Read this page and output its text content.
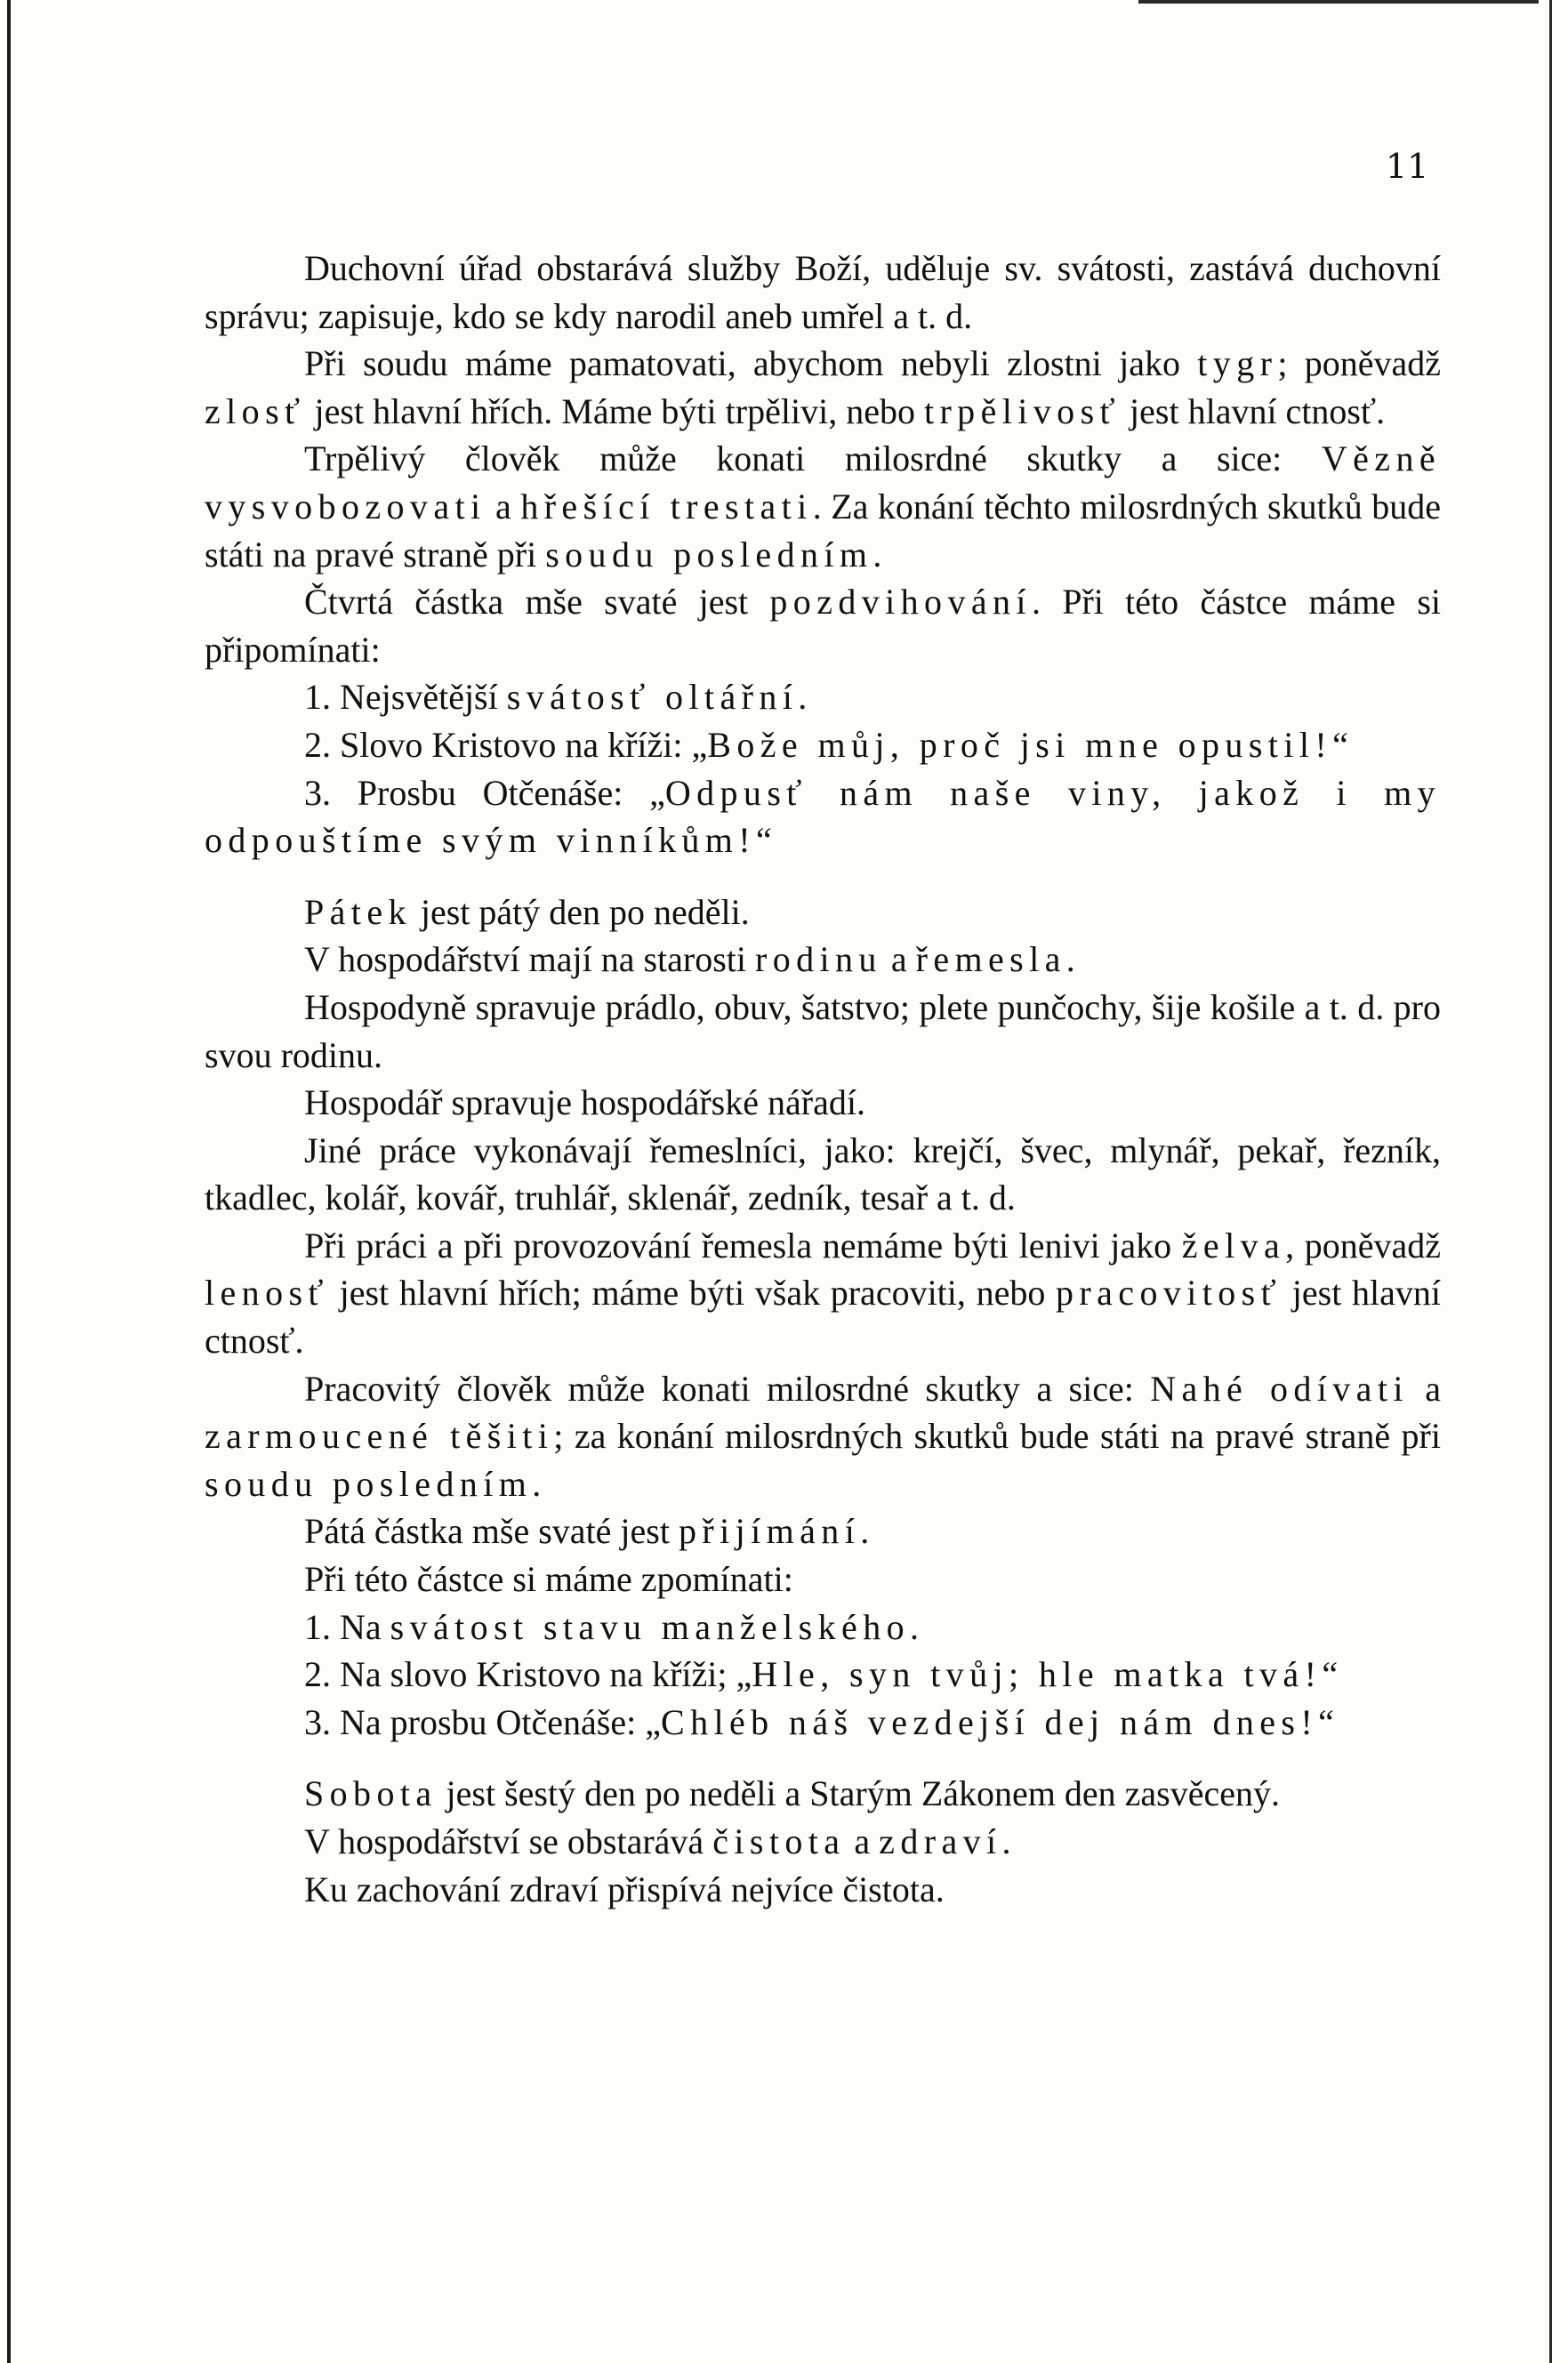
11

Duchovní úřad obstarává služby Boží, uděluje sv. svátosti, zastává duchovní správu; zapisuje, kdo se kdy narodil aneb umřel a t. d.

Při soudu máme pamatovati, abychom nebyli zlostni jako tygr; poněvadž zlosť jest hlavní hřích. Máme býti trpělivi, nebo trpělivosť jest hlavní ctnosť.

Trpělivý člověk může konati milosrdné skutky a sice: Vězně vysvobozovati a hřešící trestati. Za konání těchto milosrdných skutků bude státi na pravé straně při soudu posledním.

Čtvrtá částka mše svaté jest pozdvihování. Při této částce máme si připomínati:

1. Nejsvětější svátosť oltářní.

2. Slovo Kristovo na kříži: „Bože můj, proč jsi mne opustil!“

3. Prosbu Otčenáše: „Odpusť nám naše viny, jakož i my odpouštíme svým vinníkům!“

Pátek jest pátý den po neděli.

V hospodářství mají na starosti rodinu a řemesla.

Hospodyně spravuje prádlo, obuv, šatstvo; plete punčochy, šije košile a t. d. pro svou rodinu.

Hospodář spravuje hospodářské nářadí.

Jiné práce vykonávají řemeslníci, jako: krejčí, švec, mlynář, pekař, řezník, tkadlec, kolář, kovář, truhlář, sklenář, zedník, tesař a t. d.

Při práci a při provozování řemesla nemáme býti lenivi jako želva, poněvadž lenosť jest hlavní hřích; máme býti však pracoviti, nebo pracovitosť jest hlavní ctnosť.

Pracovitý člověk může konati milosrdné skutky a sice: Nahé odívati a zarmoucené těšiti; za konání milosrdných skutků bude státi na pravé straně při soudu posledním.

Pátá částka mše svaté jest přijímání.

Při této částce si máme zpomínati:

1. Na svátost stavu manželského.

2. Na slovo Kristovo na kříži; „Hle, syn tvůj; hle matka tvá!“

3. Na prosbu Otčenáše: „Chléb náš vezdejší dej nám dnes!“

Sobota jest šestý den po neděli a Starým Zákonem den zasvěcený.

V hospodářství se obstarává čistota a zdraví.

Ku zachování zdraví přispívá nejvíce čistota.
